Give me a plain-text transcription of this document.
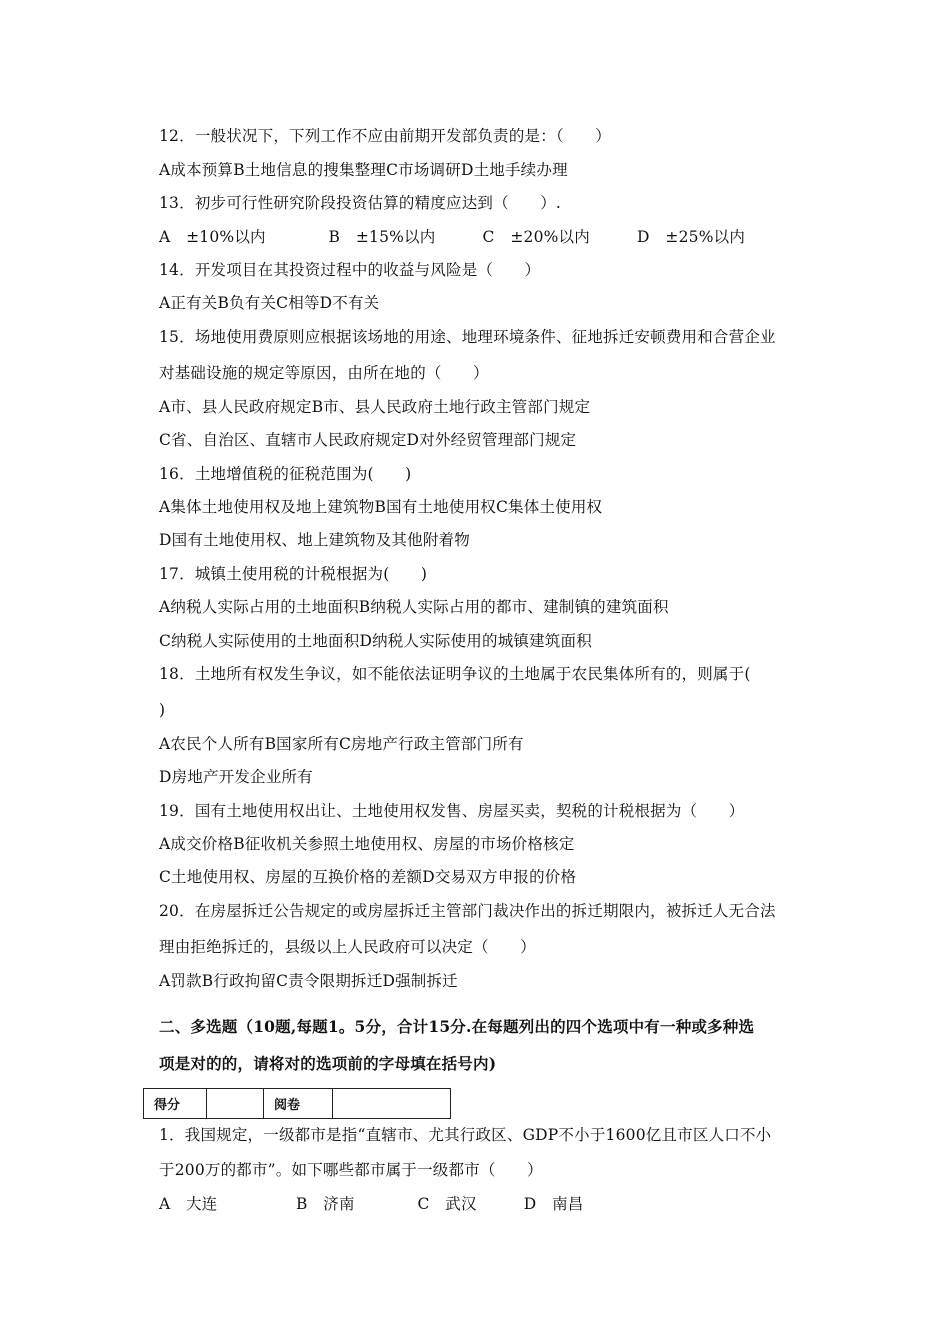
12．一般状况下，下列工作不应由前期开发部负责的是：（　　）
A成本预算B土地信息的搜集整理C市场调研D土地手续办理
13．初步可行性研究阶段投资估算的精度应达到（　　）.
A　±10%以内　　　　B　±15%以内　　　C　±20%以内　　　D　±25%以内
14．开发项目在其投资过程中的收益与风险是（　　）
A正有关B负有关C相等D不有关
15．场地使用费原则应根据该场地的用途、地理环境条件、征地拆迁安顿费用和合营企业
对基础设施的规定等原因，由所在地的（　　）
A市、县人民政府规定B市、县人民政府土地行政主管部门规定
C省、自治区、直辖市人民政府规定D对外经贸管理部门规定
16．土地增值税的征税范围为(　　)
A集体土地使用权及地上建筑物B国有土地使用权C集体土使用权
D国有土地使用权、地上建筑物及其他附着物
17．城镇土使用税的计税根据为(　　)
A纳税人实际占用的土地面积B纳税人实际占用的都市、建制镇的建筑面积
C纳税人实际使用的土地面积D纳税人实际使用的城镇建筑面积
18．土地所有权发生争议，如不能依法证明争议的土地属于农民集体所有的，则属于(
)
A农民个人所有B国家所有C房地产行政主管部门所有
D房地产开发企业所有
19．国有土地使用权出让、土地使用权发售、房屋买卖，契税的计税根据为（　　）
A成交价格B征收机关参照土地使用权、房屋的市场价格核定
C土地使用权、房屋的互换价格的差额D交易双方申报的价格
20．在房屋拆迁公告规定的或房屋拆迁主管部门裁决作出的拆迁期限内，被拆迁人无合法
理由拒绝拆迁的，县级以上人民政府可以决定（　　）
A罚款B行政拘留C责令限期拆迁D强制拆迁
二、多选题（10题,每题1。5分，合计15分.在每题列出的四个选项中有一种或多种选
项是对的的，请将对的选项前的字母填在括号内)
得分		阅卷	
1．我国规定，一级都市是指“直辖市、尤其行政区、GDP不小于1600亿且市区人口不小
于200万的都市”。如下哪些都市属于一级都市（　　）
A　大连　　　　　B　济南　　　　C　武汉　　　D　南昌
